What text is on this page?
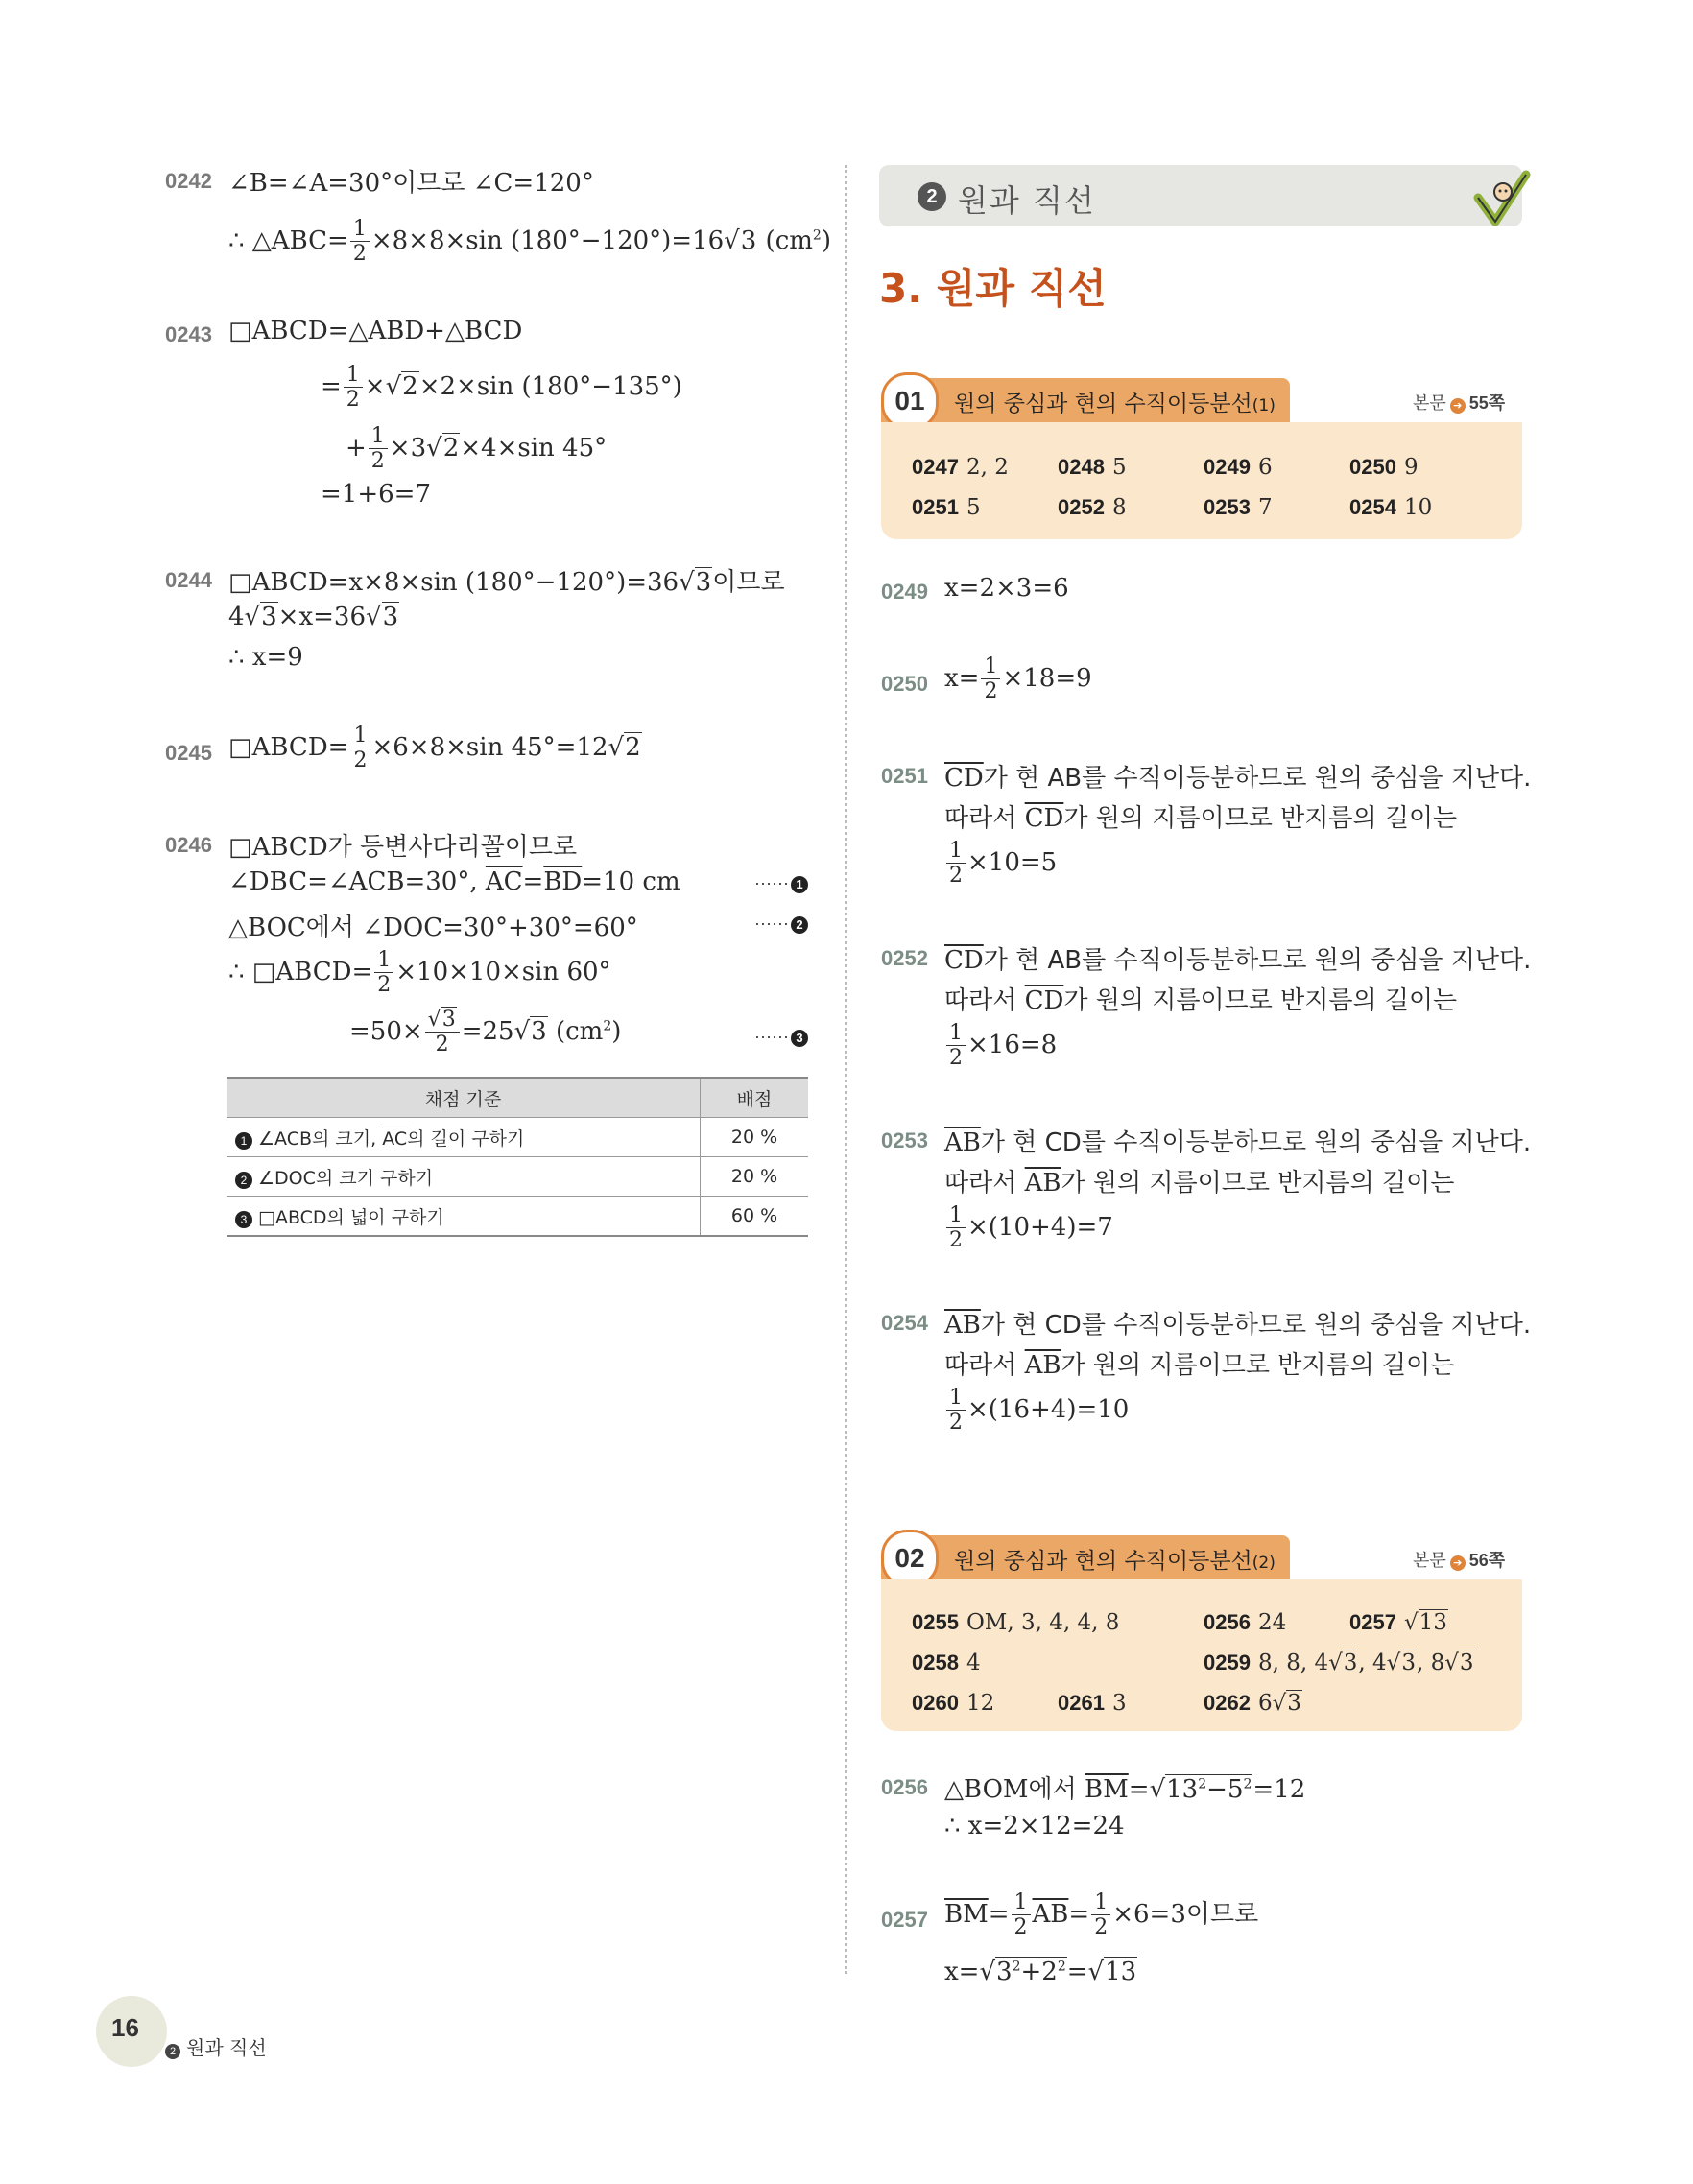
0242 ∠B=∠A=30°이므로 ∠C=120°
∴ △ABC= $\frac{1}{2} \times 8\times 8\times\sin$ (180°−120°)=16√3 $(cm^2)$
0243 □ABCD=△ABD+△BCD
= $\frac{1}{2} \times√2\times 2\times\sin$ (180°−135°)
+ $\frac{1}{2} \times 3√2\times 4\times\sin$ 45°
=1+6=7
0244 □ABCD=x×8×sin (180°−120°)=36√3이므로
4√3×x=36√3
∴ x=9
0245 □ABCD= $\frac{1}{2} \times 6\times 8\times\sin$ 45°=12√2
0246 □ABCD가 등변사다리꼴이므로
∠DBC=∠ACB=30°, $\overline{AC}=\overline{BD}=10$ cm	······ 1
△BOC에서 ∠DOC=30°+30°=60°	······ 2
∴ □ABCD= $\frac{1}{2} \times 10\times 10\times\sin$ 60°
$=50\times \frac{√3}{2} =25√3$ $(cm^2)$	······ 3
채점 기준	배점
1 ∠ACB의 크기, $\overline{AC}$의 길이 구하기	20 %
2 ∠DOC의 크기 구하기	20 %
3 □ABCD의 넓이 구하기	60 %
2 원과 직선
3. 원과 직선
01	원의 중심과 현의 수직이등분선(1)	본문 ➔ 55쪽
0247 2, 2 0248 5	0249 6	0250 9
0251 5	0252 8	0253 7	0254 10
0249 x=2×3=6
0250 $x= \frac{1}{2} \times 18=9$
0251 $\overline{CD}$가 현 AB를 수직이등분하므로 원의 중심을 지난다.
따라서 $\overline{CD}$가 원의 지름이므로 반지름의 길이는
$\frac{1}{2} \times 10=5$
0252 $\overline{CD}$가 현 AB를 수직이등분하므로 원의 중심을 지난다.
따라서 $\overline{CD}$가 원의 지름이므로 반지름의 길이는
$\frac{1}{2} \times 16=8$
0253 $\overline{AB}$가 현 CD를 수직이등분하므로 원의 중심을 지난다.
따라서 $\overline{AB}$가 원의 지름이므로 반지름의 길이는
$\frac{1}{2} \times(10+4)=7$
0254 $\overline{AB}$가 현 CD를 수직이등분하므로 원의 중심을 지난다.
따라서 $\overline{AB}$가 원의 지름이므로 반지름의 길이는
$\frac{1}{2} \times(16+4)=10$
02	원의 중심과 현의 수직이등분선(2)	본문 ➔ 56쪽
0255 OM, 3, 4, 4, 8	0256 24	0257 √13
0258 4	0259 8, 8, 4√3, 4√3, 8√3
0260 12	0261 3	0262 6√3
0256 △BOM에서 $\overline{BM}=√13^2-5^2=12$
∴ x=2×12=24
0257 $\overline{BM}= \frac{1}{2} \overline{AB}= \frac{1}{2} \times 6=3$이므로
$x=√3^2+2^2=√13$
16
2 원과 직선
